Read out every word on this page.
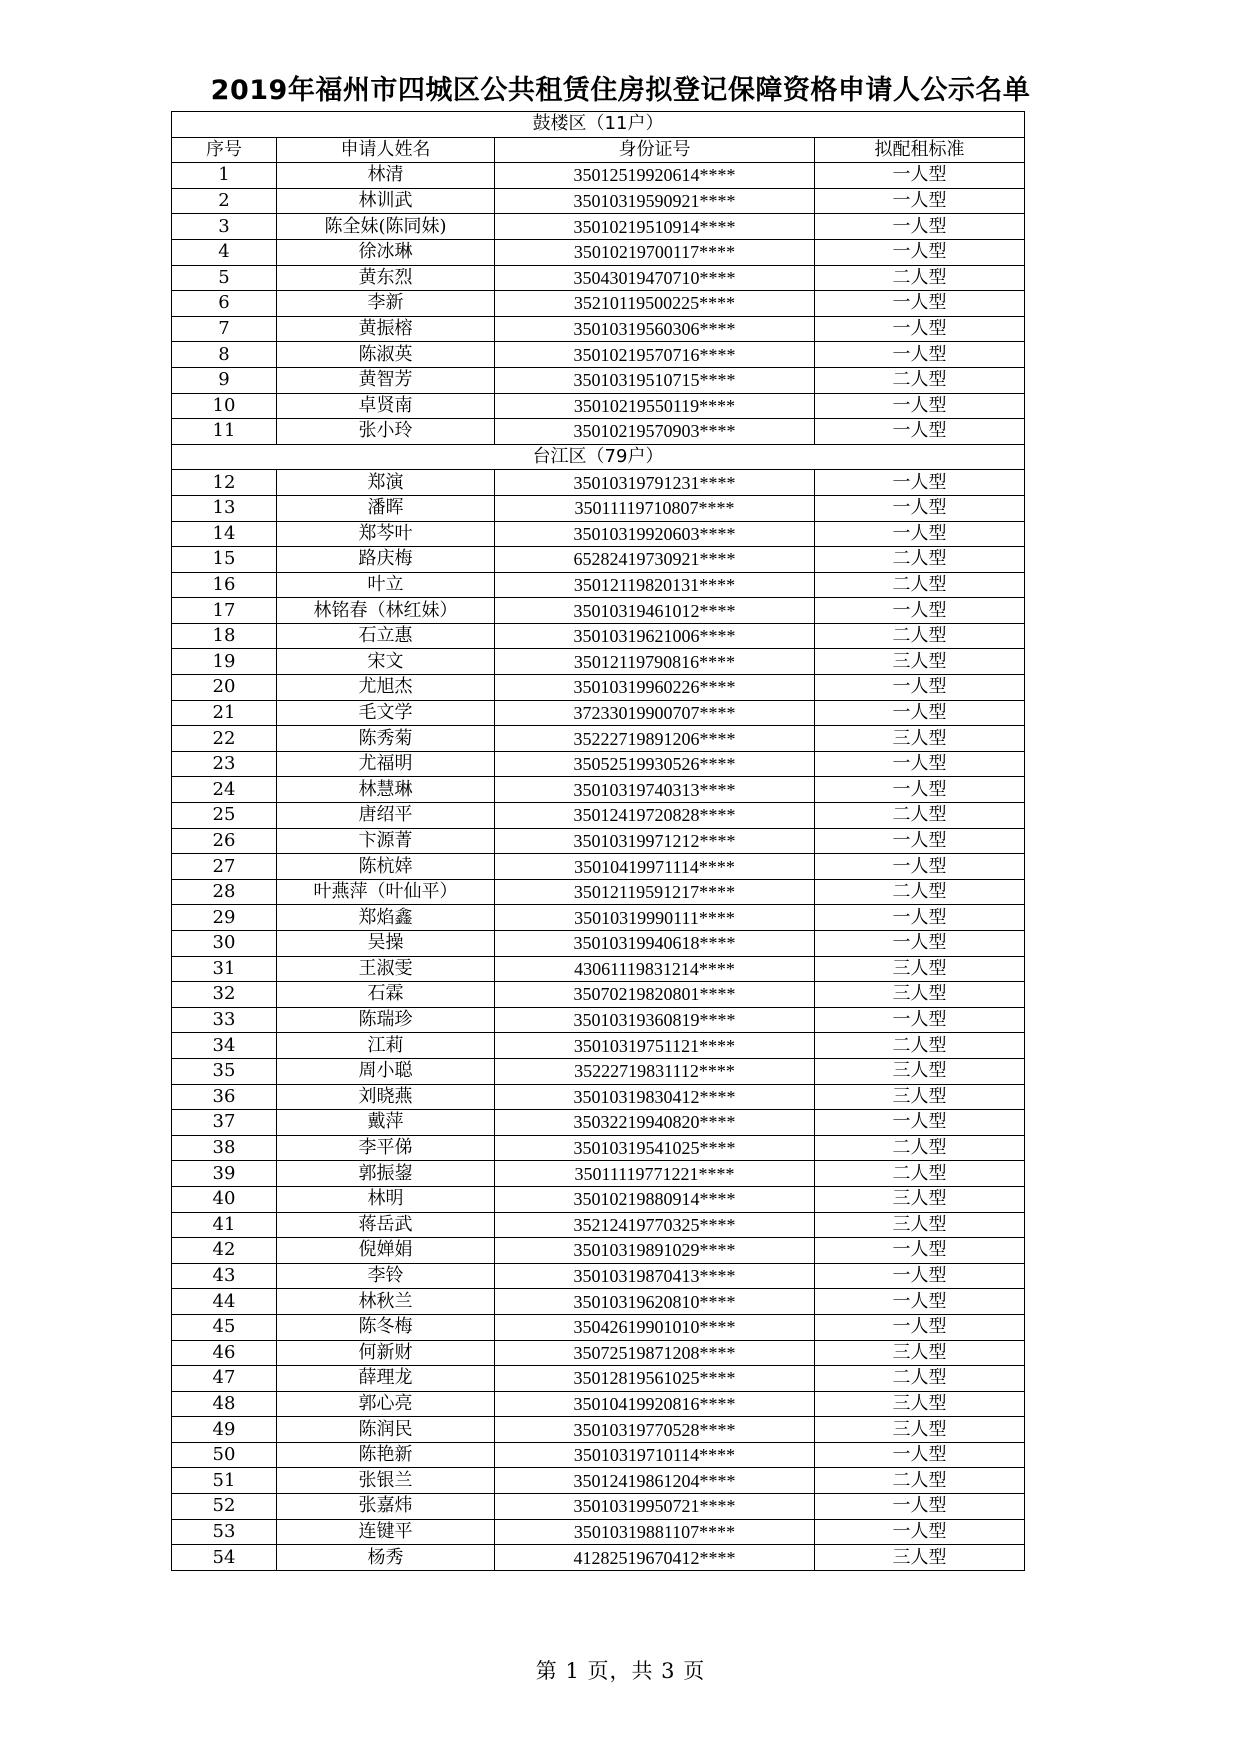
2019年福州市四城区公共租赁住房拟登记保障资格申请人公示名单
鼓楼区（11户）			
序号	申请人姓名	身份证号	拟配租标准
1	林清	35012519920614****	一人型
2	林训武	35010319590921****	一人型
3	陈全妹(陈同妹)	35010219510914****	一人型
4	徐冰琳	35010219700117****	一人型
5	黄东烈	35043019470710****	二人型
6	李新	35210119500225****	一人型
7	黄振榕	35010319560306****	一人型
8	陈淑英	35010219570716****	一人型
9	黄智芳	35010319510715****	二人型
10	卓贤南	35010219550119****	一人型
11	张小玲	35010219570903****	一人型
台江区（79户）			
12	郑演	35010319791231****	一人型
13	潘晖	35011119710807****	一人型
14	郑芩叶	35010319920603****	一人型
15	路庆梅	65282419730921****	二人型
16	叶立	35012119820131****	二人型
17	林铭春（林红妹）	35010319461012****	一人型
18	石立惠	35010319621006****	二人型
19	宋文	35012119790816****	三人型
20	尤旭杰	35010319960226****	一人型
21	毛文学	37233019900707****	一人型
22	陈秀菊	35222719891206****	三人型
23	尤福明	35052519930526****	一人型
24	林慧琳	35010319740313****	一人型
25	唐绍平	35012419720828****	二人型
26	卞源菁	35010319971212****	一人型
27	陈杭婞	35010419971114****	一人型
28	叶燕萍（叶仙平）	35012119591217****	二人型
29	郑焰鑫	35010319990111****	一人型
30	吴操	35010319940618****	一人型
31	王淑雯	43061119831214****	三人型
32	石霖	35070219820801****	三人型
33	陈瑞珍	35010319360819****	一人型
34	江莉	35010319751121****	二人型
35	周小聪	35222719831112****	三人型
36	刘晓燕	35010319830412****	三人型
37	戴萍	35032219940820****	一人型
38	李平俤	35010319541025****	二人型
39	郭振鋆	35011119771221****	二人型
40	林明	35010219880914****	三人型
41	蒋岳武	35212419770325****	三人型
42	倪婵娟	35010319891029****	一人型
43	李铃	35010319870413****	一人型
44	林秋兰	35010319620810****	一人型
45	陈冬梅	35042619901010****	一人型
46	何新财	35072519871208****	三人型
47	薛理龙	35012819561025****	二人型
48	郭心亮	35010419920816****	三人型
49	陈润民	35010319770528****	三人型
50	陈艳新	35010319710114****	一人型
51	张银兰	35012419861204****	二人型
52	张嘉炜	35010319950721****	一人型
53	连键平	35010319881107****	一人型
54	杨秀	41282519670412****	三人型
第 1 页，共 3 页
